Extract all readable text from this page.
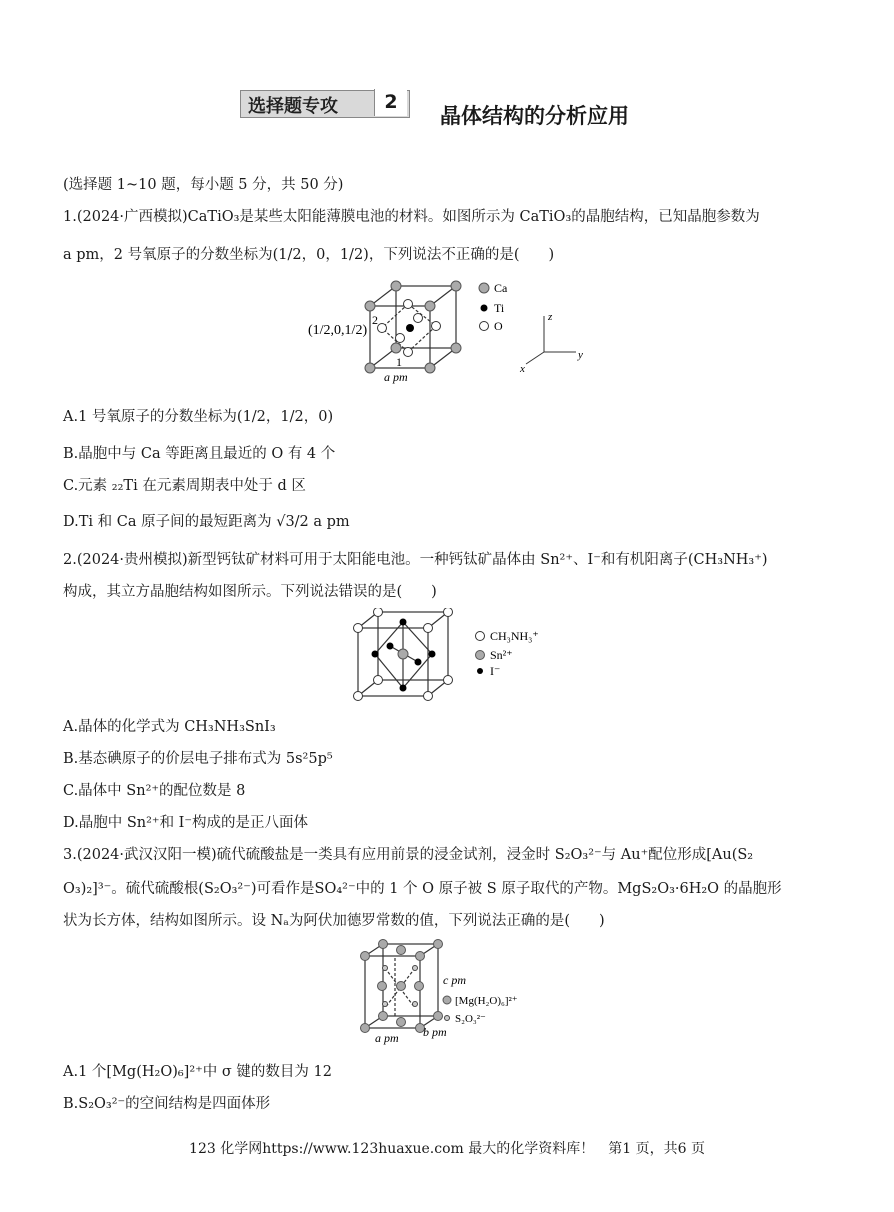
选择题专攻	2
晶体结构的分析应用
(选择题 1~10 题，每小题 5 分，共 50 分)
1.(2024·广西模拟)CaTiO₃是某些太阳能薄膜电池的材料。如图所示为 CaTiO₃的晶胞结构，已知晶胞参数为
a pm，2 号氧原子的分数坐标为(1/2，0，1/2)，下列说法不正确的是(　　)
(1/2,0,1/2)
2
1
a pm
Ca
Ti
O
z
y
x
A.1 号氧原子的分数坐标为(1/2，1/2，0)
B.晶胞中与 Ca 等距离且最近的 O 有 4 个
C.元素 ₂₂Ti 在元素周期表中处于 d 区
D.Ti 和 Ca 原子间的最短距离为 √3/2 a pm
2.(2024·贵州模拟)新型钙钛矿材料可用于太阳能电池。一种钙钛矿晶体由 Sn²⁺、I⁻和有机阳离子(CH₃NH₃⁺)
构成，其立方晶胞结构如图所示。下列说法错误的是(　　)
CH₃NH₃⁺
Sn²⁺
I⁻
A.晶体的化学式为 CH₃NH₃SnI₃
B.基态碘原子的价层电子排布式为 5s²5p⁵
C.晶体中 Sn²⁺的配位数是 8
D.晶胞中 Sn²⁺和 I⁻构成的是正八面体
3.(2024·武汉汉阳一模)硫代硫酸盐是一类具有应用前景的浸金试剂，浸金时 S₂O₃²⁻与 Au⁺配位形成[Au(S₂
O₃)₂]³⁻。硫代硫酸根(S₂O₃²⁻)可看作是SO₄²⁻中的 1 个 O 原子被 S 原子取代的产物。MgS₂O₃·6H₂O 的晶胞形
状为长方体，结构如图所示。设 Nₐ为阿伏加德罗常数的值，下列说法正确的是(　　)
c pm
a pm b pm
[Mg(H₂O)₆]²⁺
S₂O₃²⁻
A.1 个[Mg(H₂O)₆]²⁺中 σ 键的数目为 12
B.S₂O₃²⁻的空间结构是四面体形
123 化学网https://www.123huaxue.com 最大的化学资料库！　第1 页，共6 页
